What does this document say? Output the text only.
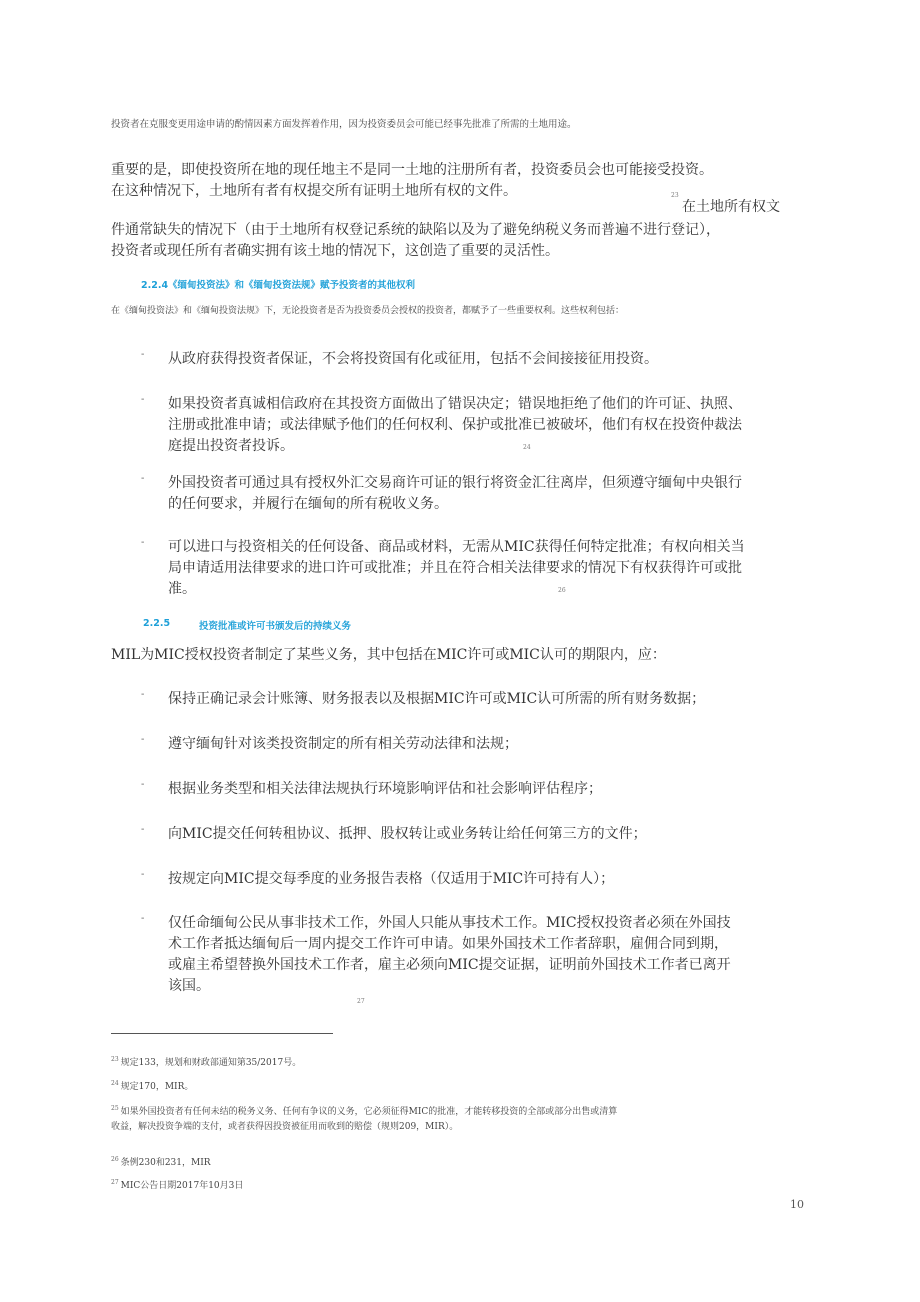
投资者在克服变更用途申请的酌情因素方面发挥着作用，因为投资委员会可能已经事先批准了所需的土地用途。
重要的是，即使投资所在地的现任地主不是同一土地的注册所有者，投资委员会也可能接受投资。
在这种情况下，土地所有者有权提交所有证明土地所有权的文件。	23
在土地所有权文
件通常缺失的情况下（由于土地所有权登记系统的缺陷以及为了避免纳税义务而普遍不进行登记），
投资者或现任所有者确实拥有该土地的情况下，这创造了重要的灵活性。
2.2.4《缅甸投资法》和《缅甸投资法规》赋予投资者的其他权利
在《缅甸投资法》和《缅甸投资法规》下，无论投资者是否为投资委员会授权的投资者，都赋予了一些重要权利。这些权利包括：
- 从政府获得投资者保证，不会将投资国有化或征用，包括不会间接接征用投资。
- 如果投资者真诚相信政府在其投资方面做出了错误决定；错误地拒绝了他们的许可证、执照、
注册或批准申请；或法律赋予他们的任何权利、保护或批准已被破坏，他们有权在投资仲裁法
庭提出投资者投诉。	24
- 外国投资者可通过具有授权外汇交易商许可证的银行将资金汇往离岸，但须遵守缅甸中央银行
的任何要求，并履行在缅甸的所有税收义务。
- 可以进口与投资相关的任何设备、商品或材料，无需从MIC获得任何特定批准；有权向相关当
局申请适用法律要求的进口许可或批准；并且在符合相关法律要求的情况下有权获得许可或批
准。	26
2.2.5	投资批准或许可书颁发后的持续义务
MIL为MIC授权投资者制定了某些义务，其中包括在MIC许可或MIC认可的期限内，应：
- 保持正确记录会计账簿、财务报表以及根据MIC许可或MIC认可所需的所有财务数据；
- 遵守缅甸针对该类投资制定的所有相关劳动法律和法规；
- 根据业务类型和相关法律法规执行环境影响评估和社会影响评估程序；
- 向MIC提交任何转租协议、抵押、股权转让或业务转让给任何第三方的文件；
- 按规定向MIC提交每季度的业务报告表格（仅适用于MIC许可持有人）；
- 仅任命缅甸公民从事非技术工作，外国人只能从事技术工作。MIC授权投资者必须在外国技
术工作者抵达缅甸后一周内提交工作许可申请。如果外国技术工作者辞职，雇佣合同到期，
或雇主希望替换外国技术工作者，雇主必须向MIC提交证据，证明前外国技术工作者已离开
该国。
27
$^{23}$ 规定133，规划和财政部通知第35/2017号。
$^{24}$ 规定170，MIR。
$^{25}$ 如果外国投资者有任何未结的税务义务、任何有争议的义务，它必须征得MIC的批准，才能转移投资的全部或部分出售或清算
收益，解决投资争端的支付，或者获得因投资被征用而收到的赔偿（规则209，MIR）。
$^{26}$ 条例230和231，MIR
$^{27}$ MIC公告日期2017年10月3日
10
